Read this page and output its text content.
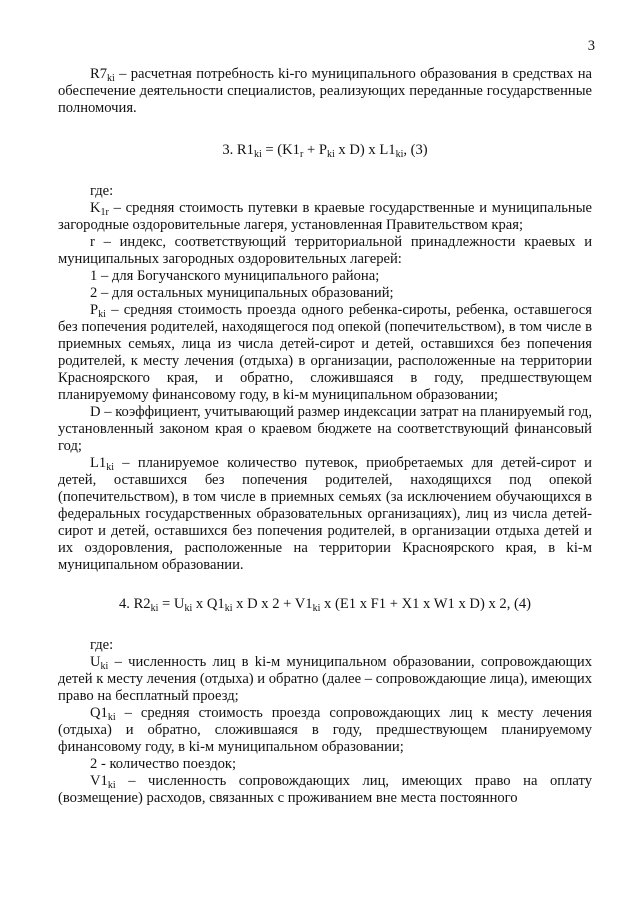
3

$R7_{ki}$ – расчетная потребность ki-го муниципального образования в средствах на обеспечение деятельности специалистов, реализующих переданные государственные полномочия.

3. $R1_{ki} = (K1_r + P_{ki}$ x D) x $L1_{ki}$, (3)

где:

$K_{1r}$ – средняя стоимость путевки в краевые государственные и муниципальные загородные оздоровительные лагеря, установленная Правительством края;

r – индекс, соответствующий территориальной принадлежности краевых и муниципальных загородных оздоровительных лагерей:

1 – для Богучанского муниципального района;

2 – для остальных муниципальных образований;

$P_{ki}$ – средняя стоимость проезда одного ребенка-сироты, ребенка, оставшегося без попечения родителей, находящегося под опекой (попечительством), в том числе в приемных семьях, лица из числа детей-сирот и детей, оставшихся без попечения родителей, к месту лечения (отдыха) в организации, расположенные на территории Красноярского края, и обратно, сложившаяся в году, предшествующем планируемому финансовому году, в ki-м муниципальном образовании;

D – коэффициент, учитывающий размер индексации затрат на планируемый год, установленный законом края о краевом бюджете на соответствующий финансовый год;

$L1_{ki}$ – планируемое количество путевок, приобретаемых для детей-сирот и детей, оставшихся без попечения родителей, находящихся под опекой (попечительством), в том числе в приемных семьях (за исключением обучающихся в федеральных государственных образовательных организациях), лиц из числа детей-сирот и детей, оставшихся без попечения родителей, в организации отдыха детей и их оздоровления, расположенные на территории Красноярского края, в ki-м муниципальном образовании.

4. $R2_{ki} = U_{ki}$ x $Q1_{ki}$ x D x $2 + V1_{ki}$ x (E1 x F1 + X1 x W1 x D) x 2, (4)

где:

$U_{ki}$ – численность лиц в ki-м муниципальном образовании, сопровождающих детей к месту лечения (отдыха) и обратно (далее – сопровождающие лица), имеющих право на бесплатный проезд;

$Q1_{ki}$ – средняя стоимость проезда сопровождающих лиц к месту лечения (отдыха) и обратно, сложившаяся в году, предшествующем планируемому финансовому году, в ki-м муниципальном образовании;

2 - количество поездок;

$V1_{ki}$ – численность сопровождающих лиц, имеющих право на оплату (возмещение) расходов, связанных с проживанием вне места постоянного
